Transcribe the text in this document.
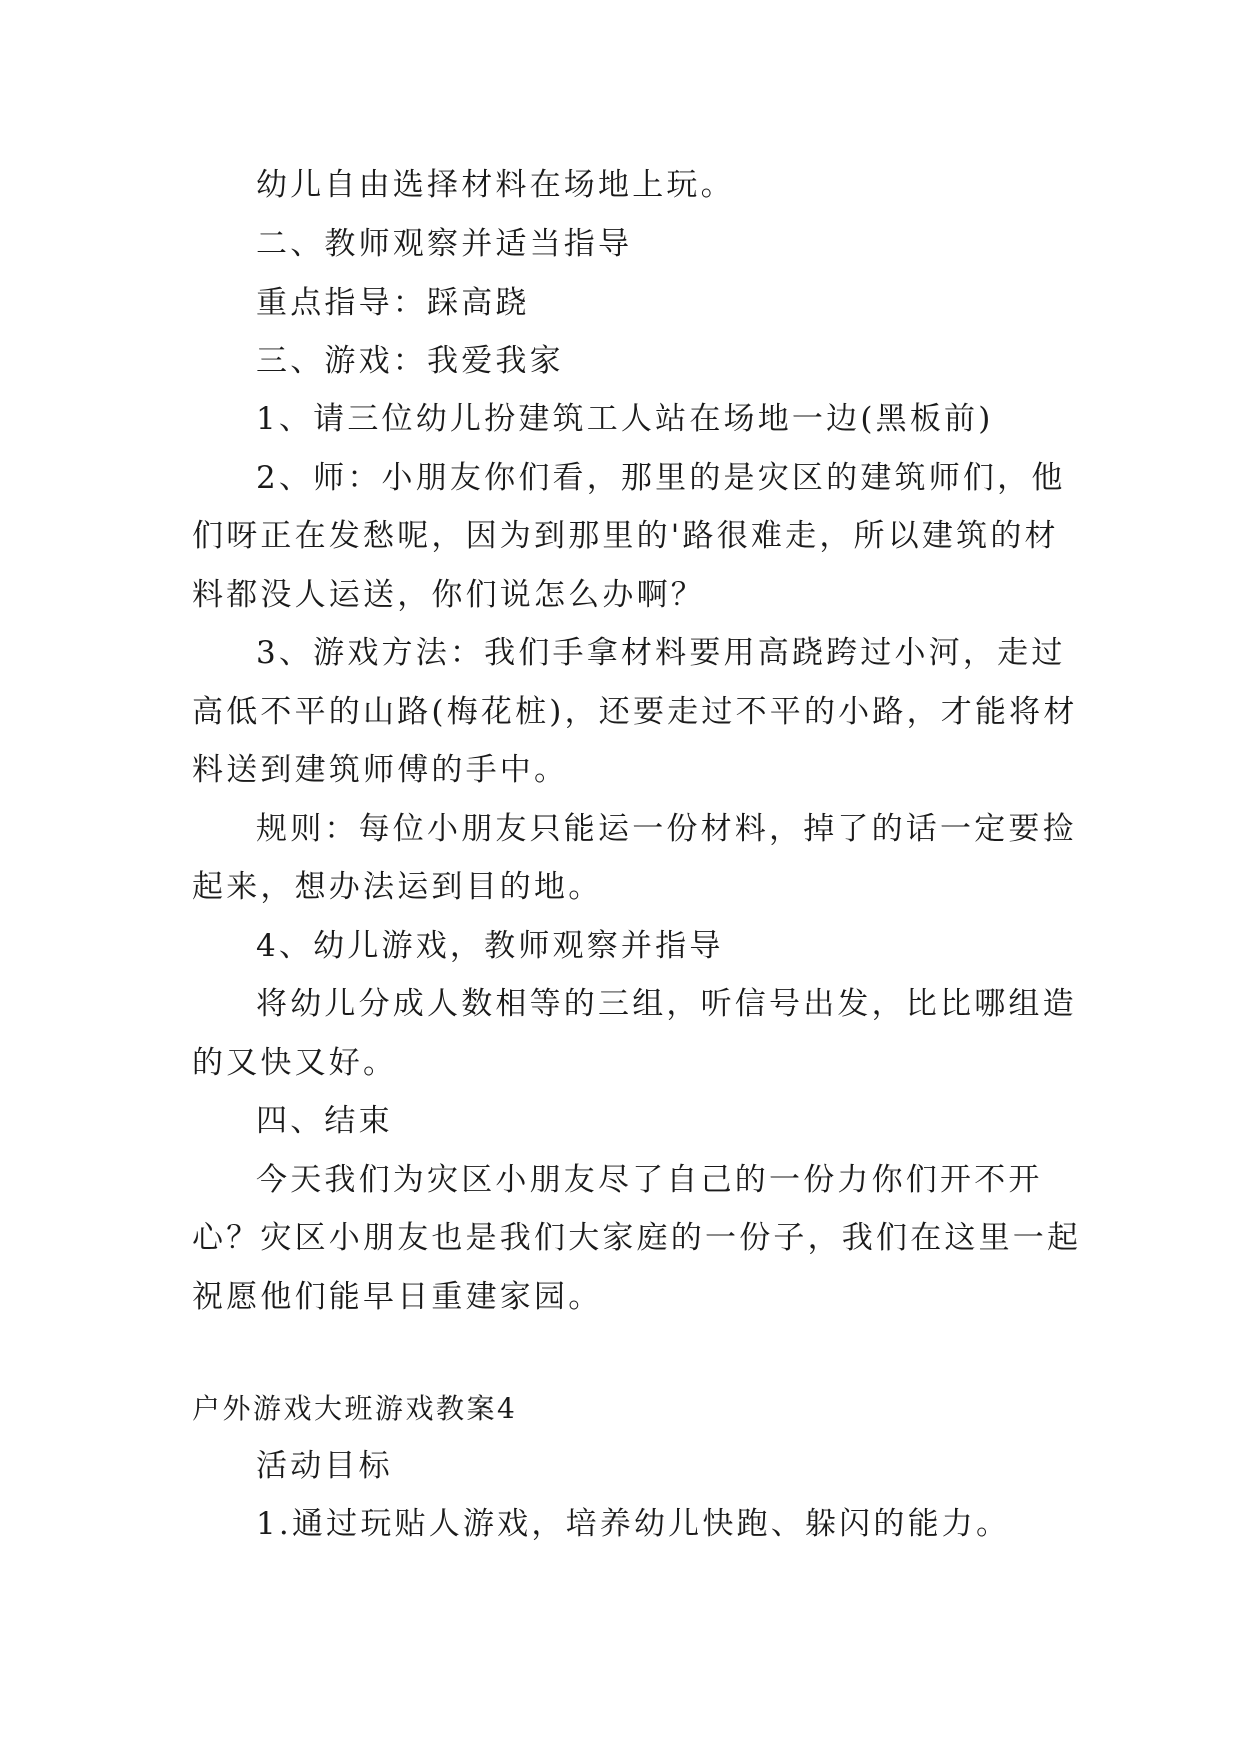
幼儿自由选择材料在场地上玩。
二、教师观察并适当指导
重点指导：踩高跷
三、游戏：我爱我家
1、请三位幼儿扮建筑工人站在场地一边(黑板前)
2、师：小朋友你们看，那里的是灾区的建筑师们，他
们呀正在发愁呢，因为到那里的'路很难走，所以建筑的材
料都没人运送，你们说怎么办啊？
3、游戏方法：我们手拿材料要用高跷跨过小河，走过
高低不平的山路(梅花桩)，还要走过不平的小路，才能将材
料送到建筑师傅的手中。
规则：每位小朋友只能运一份材料，掉了的话一定要捡
起来，想办法运到目的地。
4、幼儿游戏，教师观察并指导
将幼儿分成人数相等的三组，听信号出发，比比哪组造
的又快又好。
四、结束
今天我们为灾区小朋友尽了自己的一份力你们开不开
心？灾区小朋友也是我们大家庭的一份子，我们在这里一起
祝愿他们能早日重建家园。
户外游戏大班游戏教案4
活动目标
1.通过玩贴人游戏，培养幼儿快跑、躲闪的能力。
